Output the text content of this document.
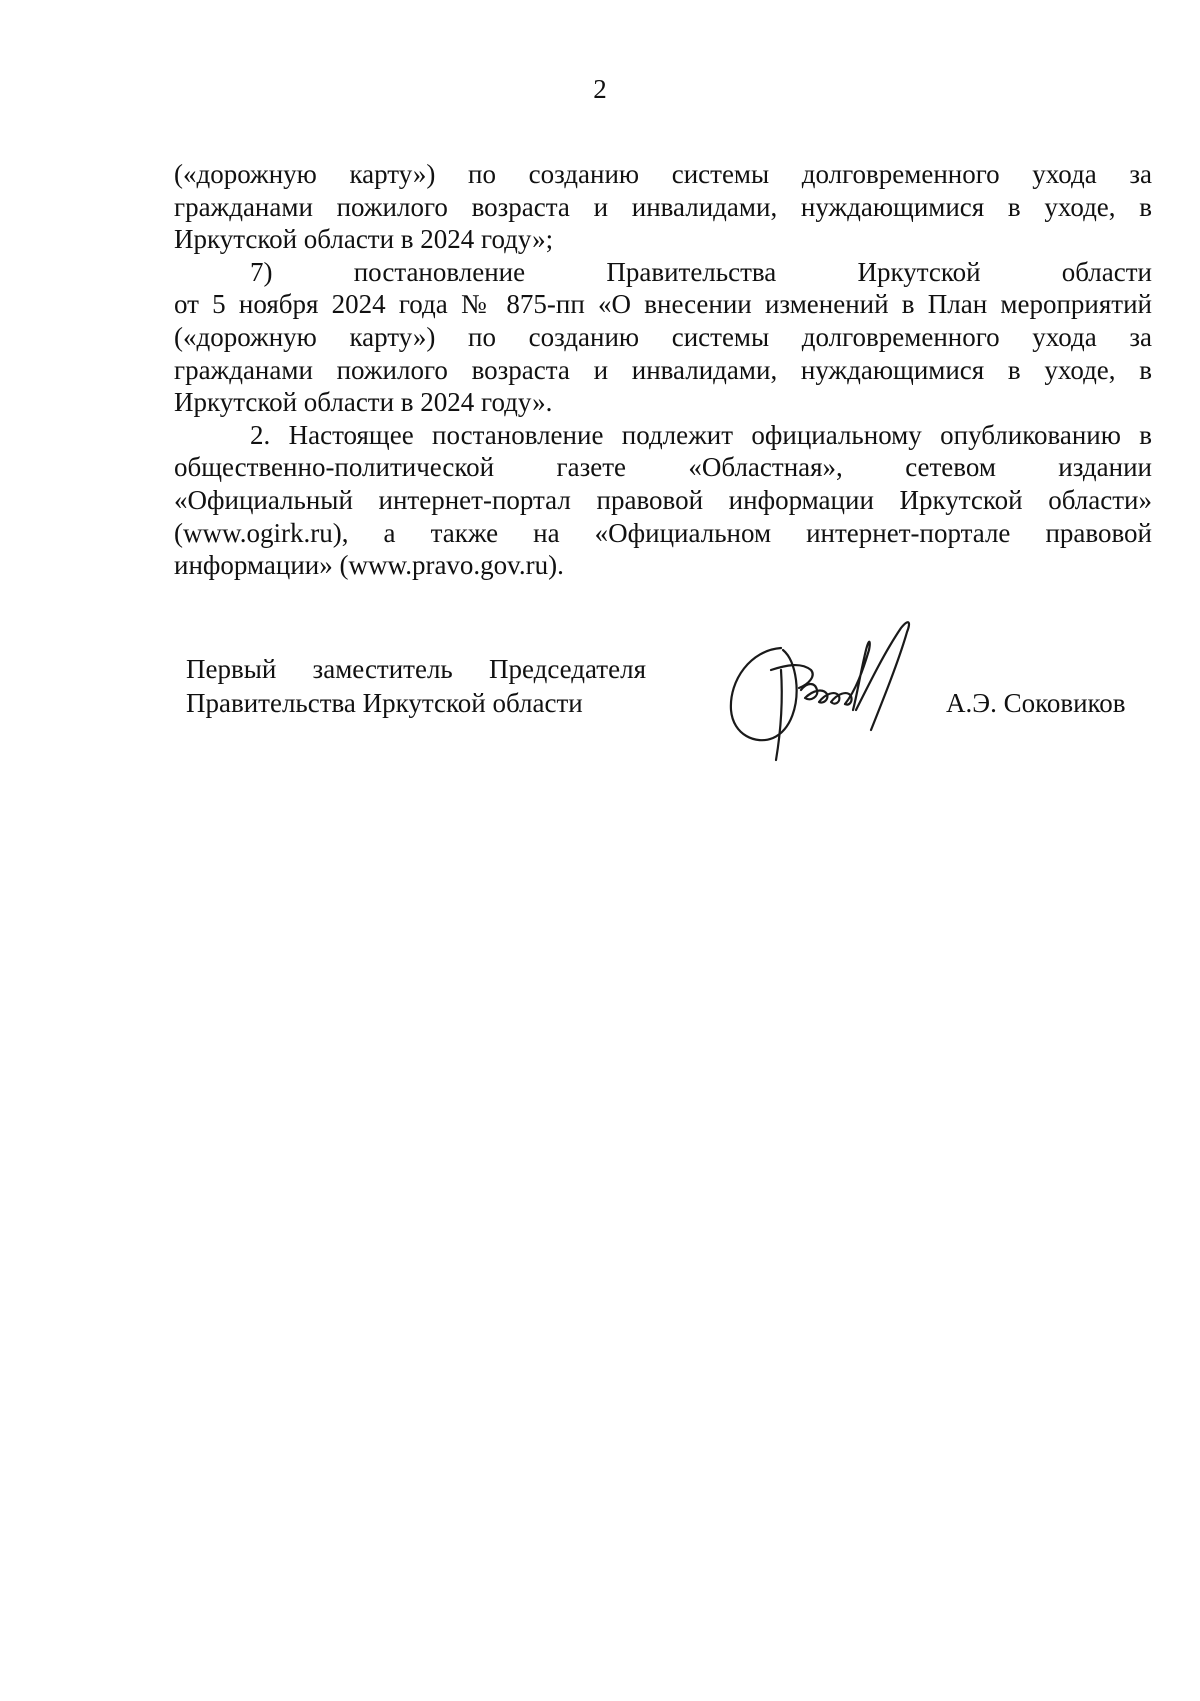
2
(«дорожную карту») по созданию системы долговременного ухода за
гражданами пожилого возраста и инвалидами, нуждающимися в уходе, в
Иркутской области в 2024 году»;
7) постановление Правительства Иркутской области
от 5 ноября 2024 года № 875-пп «О внесении изменений в План мероприятий
(«дорожную карту») по созданию системы долговременного ухода за
гражданами пожилого возраста и инвалидами, нуждающимися в уходе, в
Иркутской области в 2024 году».
2. Настоящее постановление подлежит официальному опубликованию в
общественно-политической газете «Областная», сетевом издании
«Официальный интернет-портал правовой информации Иркутской области»
(www.ogirk.ru), а также на «Официальном интернет-портале правовой
информации» (www.pravo.gov.ru).
Первый заместитель Председателя
Правительства Иркутской области	А.Э. Соковиков
